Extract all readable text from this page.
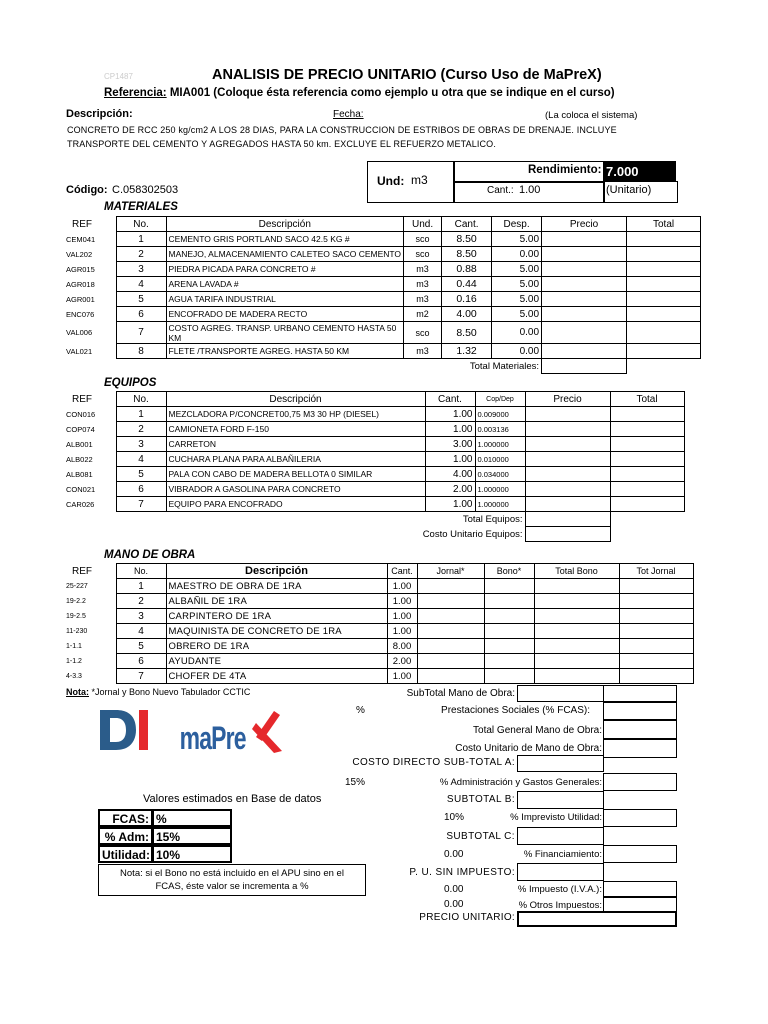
CP1487	ANALISIS DE PRECIO UNITARIO (Curso Uso de MaPreX)
Referencia: MIA001 (Coloque ésta referencia como ejemplo u otra que se indique en el curso)
Descripción:	Fecha:	(La coloca el sistema)
CONCRETO DE RCC 250 kg/cm2 A LOS 28 DIAS, PARA LA CONSTRUCCION DE ESTRIBOS DE OBRAS DE DRENAJE. INCLUYE
TRANSPORTE DEL CEMENTO Y AGREGADOS HASTA 50 km. EXCLUYE EL REFUERZO METALICO.
Und: m3
Rendimiento: 7.000
Cant.: 1.00	(Unitario)
Código: C.058302503
MATERIALES
REF	No.	Descripción	Und.	Cant.	Desp.	Precio	Total
CEM041	1	CEMENTO GRIS PORTLAND SACO 42.5 KG #	sco	8.50	5.00		
VAL202	2	MANEJO, ALMACENAMIENTO CALETEO SACO CEMENTO	sco	8.50	0.00		
AGR015	3	PIEDRA PICADA PARA CONCRETO #	m3	0.88	5.00		
AGR018	4	ARENA LAVADA #	m3	0.44	5.00		
AGR001	5	AGUA TARIFA INDUSTRIAL	m3	0.16	5.00		
ENC076	6	ENCOFRADO DE MADERA RECTO	m2	4.00	5.00		
VAL006	7	COSTO AGREG. TRANSP. URBANO CEMENTO HASTA 50 KM	sco	8.50	0.00		
VAL021	8	FLETE /TRANSPORTE AGREG. HASTA 50 KM	m3	1.32	0.00		
Total Materiales:							
EQUIPOS
REF	No.	Descripción	Cant.	Cop/Dep	Precio	Total
CON016	1	MEZCLADORA P/CONCRET00,75 M3 30 HP (DIESEL)	1.00	0.009000		
COP074	2	CAMIONETA FORD F-150	1.00	0.003136		
ALB001	3	CARRETON	3.00	1.000000		
ALB022	4	CUCHARA PLANA PARA ALBAÑILERIA	1.00	0.010000		
ALB081	5	PALA CON CABO DE MADERA BELLOTA 0 SIMILAR	4.00	0.034000		
CON021	6	VIBRADOR A GASOLINA PARA CONCRETO	2.00	1.000000		
CAR026	7	EQUIPO PARA ENCOFRADO	1.00	1.000000		
Total Equipos:						
Costo Unitario Equipos:						
MANO DE OBRA
REF	No.	Descripción	Cant.	Jornal*	Bono*	Total Bono	Tot Jornal
25-227	1	MAESTRO DE OBRA DE 1RA	1.00				
19-2.2	2	ALBAÑIL DE 1RA	1.00				
19-2.5	3	CARPINTERO DE 1RA	1.00				
11-230	4	MAQUINISTA DE CONCRETO DE 1RA	1.00				
1-1.1	5	OBRERO DE 1RA	8.00				
1-1.2	6	AYUDANTE	2.00				
4-3.3	7	CHOFER DE 4TA	1.00				
Nota: *Jornal y Bono Nuevo Tabulador CCTIC
maPre
SubTotal Mano de Obra:
%	Prestaciones Sociales (% FCAS):
Total General Mano de Obra:
Costo Unitario de Mano de Obra:
COSTO DIRECTO SUB-TOTAL A:
15%	% Administración y Gastos Generales:
Valores estimados en Base de datos	SUBTOTAL B:
10%	% Imprevisto Utilidad:
SUBTOTAL C:
0.00	% Financiamiento:
P. U. SIN IMPUESTO:
0.00	% Impuesto (I.V.A.):
0.00	% Otros Impuestos:
PRECIO UNITARIO:
FCAS: %
% Adm: 15%
Utilidad: 10%
Nota: si el Bono no está incluido en el APU sino en el
FCAS, éste valor se incrementa a %
